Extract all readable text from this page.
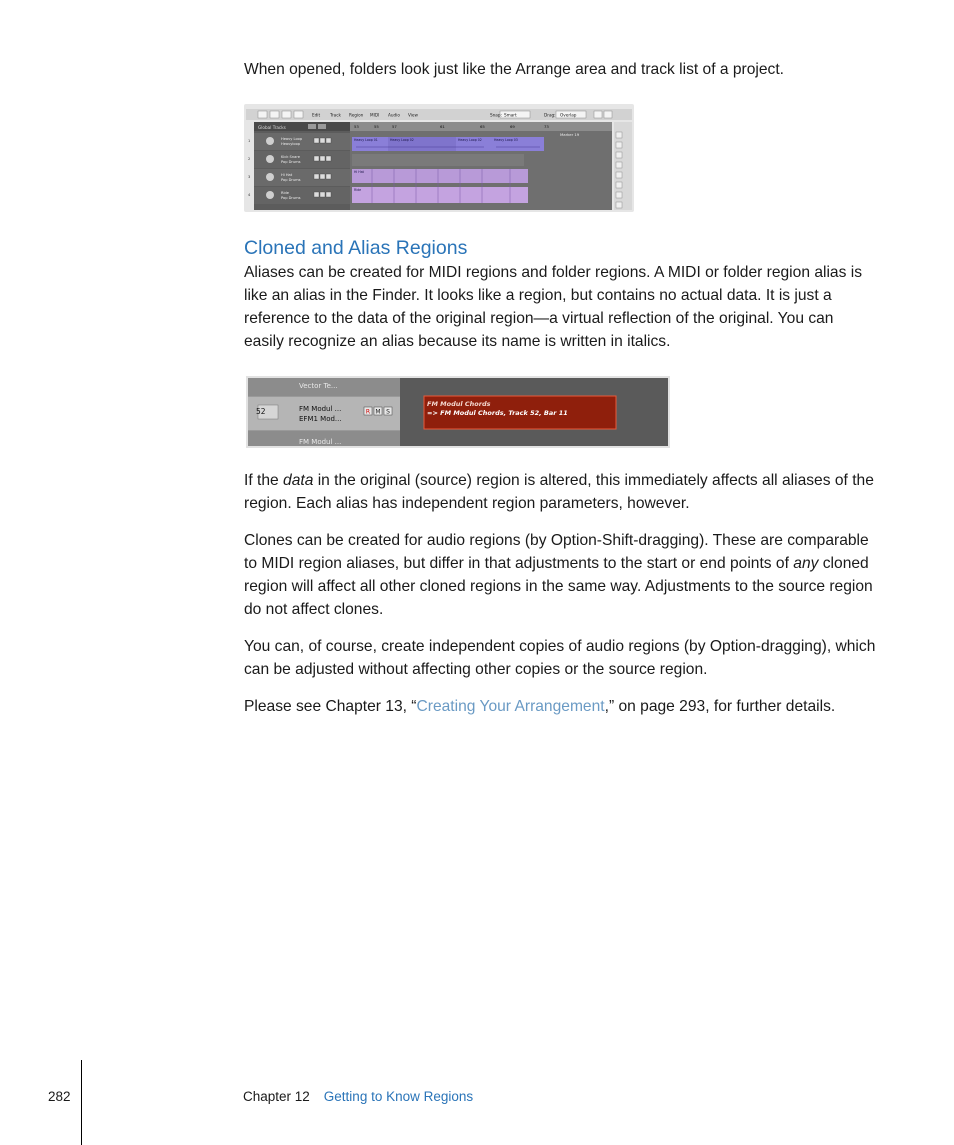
When opened, folders look just like the Arrange area and track list of a project.

Edit Track Region MIDI Audio View	Snap: Smart	Drag: Overlap
Global Tracks
1	Heavy Loop
Heavyloop
2	Kick Snare
Pop Drums
3	Hi Hat
Pop Drums
4	Ride
Pop Drums
53	55	57	61	65	69	73
Marker 19
Heavy Loop 01	Heavy Loop 02	Heavy Loop 02	Heavy Loop 03
Hi Hat
Ride
Cloned and Alias Regions

Aliases can be created for MIDI regions and folder regions. A MIDI or folder region alias is like an alias in the Finder. It looks like a region, but contains no actual data. It is just a reference to the data of the original region—a virtual reflection of the original. You can easily recognize an alias because its name is written in italics.

Vector Te...
52	FM Modul ...
EFM1 Mod...
FM Modul ...
FM Modul Chords
=> FM Modul Chords, Track 52, Bar 11
R M S

If the data in the original (source) region is altered, this immediately affects all aliases of the region. Each alias has independent region parameters, however.

Clones can be created for audio regions (by Option-Shift-dragging). These are comparable to MIDI region aliases, but differ in that adjustments to the start or end points of any cloned region will affect all other cloned regions in the same way. Adjustments to the source region do not affect clones.

You can, of course, create independent copies of audio regions (by Option-dragging), which can be adjusted without affecting other copies or the source region.

Please see Chapter 13, “Creating Your Arrangement,” on page 293, for further details.

282	Chapter 12 Getting to Know Regions
